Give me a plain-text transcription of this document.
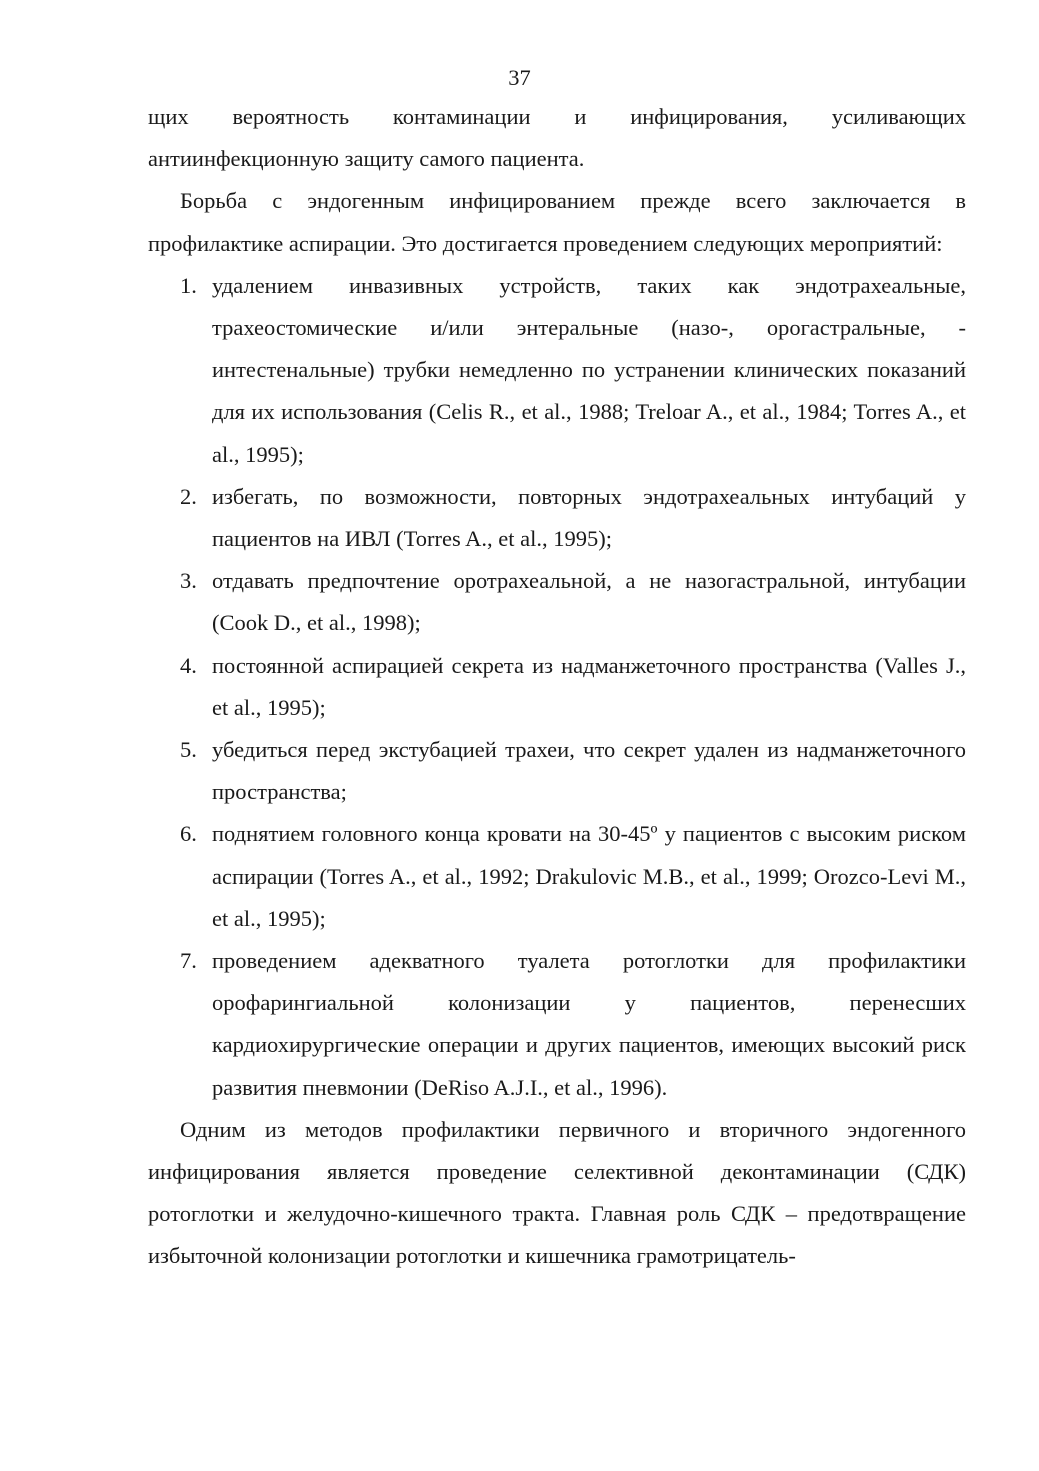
37

щих вероятность контаминации и инфицирования, усиливающих антиинфекционную защиту самого пациента.

Борьба с эндогенным инфицированием прежде всего заключается в профилактике аспирации. Это достигается проведением следующих мероприятий:

1. удалением инвазивных устройств, таких как эндотрахеальные, трахеостомические и/или энтеральные (назо-, орогастральные, - интестенальные) трубки немедленно по устранении клинических показаний для их использования (Celis R., et al., 1988; Treloar A., et al., 1984; Torres A., et al., 1995);
2. избегать, по возможности, повторных эндотрахеальных интубаций у пациентов на ИВЛ (Torres A., et al., 1995);
3. отдавать предпочтение оротрахеальной, а не назогастральной, интубации (Cook D., et al., 1998);
4. постоянной аспирацией секрета из надманжеточного пространства (Valles J., et al., 1995);
5. убедиться перед экстубацией трахеи, что секрет удален из надманжеточного пространства;
6. поднятием головного конца кровати на 30-45º у пациентов с высоким риском аспирации (Torres A., et al., 1992; Drakulovic M.B., et al., 1999; Orozco-Levi M., et al., 1995);
7. проведением адекватного туалета ротоглотки для профилактики орофарингиальной колонизации у пациентов, перенесших кардиохирургические операции и других пациентов, имеющих высокий риск развития пневмонии (DeRiso A.J.I., et al., 1996).

Одним из методов профилактики первичного и вторичного эндогенного инфицирования является проведение селективной деконтаминации (СДК) ротоглотки и желудочно-кишечного тракта. Главная роль СДК – предотвращение избыточной колонизации ротоглотки и кишечника грамотрицатель-
